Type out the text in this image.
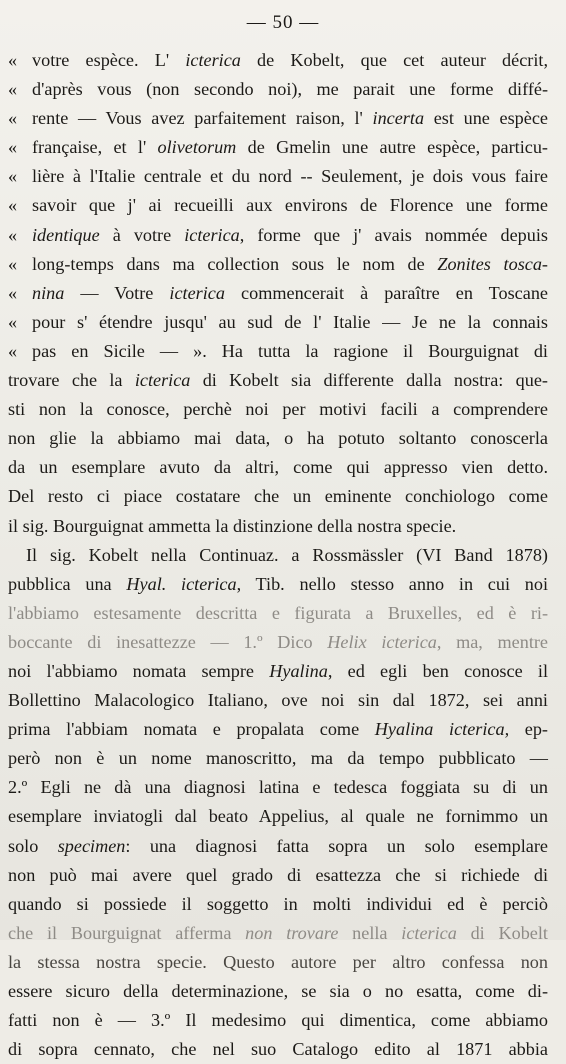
— 50 —
« votre espèce. L' icterica de Kobelt, que cet auteur décrit,
« d'après vous (non secondo noi), me parait une forme diffé-
« rente — Vous avez parfaitement raison, l' incerta est une espèce
« française, et l' olivetorum de Gmelin une autre espèce, particu-
« lière à l'Italie centrale et du nord -- Seulement, je dois vous faire
« savoir que j' ai recueilli aux environs de Florence une forme
« identique à votre icterica, forme que j' avais nommée depuis
« long-temps dans ma collection sous le nom de Zonites tosca-
« nina — Votre icterica commencerait à paraître en Toscane
« pour s' étendre jusqu' au sud de l' Italie — Je ne la connais
« pas en Sicile — ». Ha tutta la ragione il Bourguignat di
trovare che la icterica di Kobelt sia differente dalla nostra: que-
sti non la conosce, perchè noi per motivi facili a comprendere
non glie la abbiamo mai data, o ha potuto soltanto conoscerla
da un esemplare avuto da altri, come qui appresso vien detto.
Del resto ci piace costatare che un eminente conchiologo come
il sig. Bourguignat ammetta la distinzione della nostra specie.
Il sig. Kobelt nella Continuaz. a Rossmässler (VI Band 1878)
pubblica una Hyal. icterica, Tib. nello stesso anno in cui noi
l'abbiamo estesamente descritta e figurata a Bruxelles, ed è ri-
boccante di inesattezze — 1.º Dico Helix icterica, ma, mentre
noi l'abbiamo nomata sempre Hyalina, ed egli ben conosce il
Bollettino Malacologico Italiano, ove noi sin dal 1872, sei anni
prima l'abbiam nomata e propalata come Hyalina icterica, ep-
però non è un nome manoscritto, ma da tempo pubblicato —
2.º Egli ne dà una diagnosi latina e tedesca foggiata su di un
esemplare inviatogli dal beato Appelius, al quale ne fornimmo un
solo specimen: una diagnosi fatta sopra un solo esemplare
non può mai avere quel grado di esattezza che si richiede di
quando si possiede il soggetto in molti individui ed è perciò
che il Bourguignat afferma non trovare nella icterica di Kobelt
la stessa nostra specie. Questo autore per altro confessa non
essere sicuro della determinazione, se sia o no esatta, come di-
fatti non è — 3.º Il medesimo qui dimentica, come abbiamo
di sopra cennato, che nel suo Catalogo edito al 1871 abbia
